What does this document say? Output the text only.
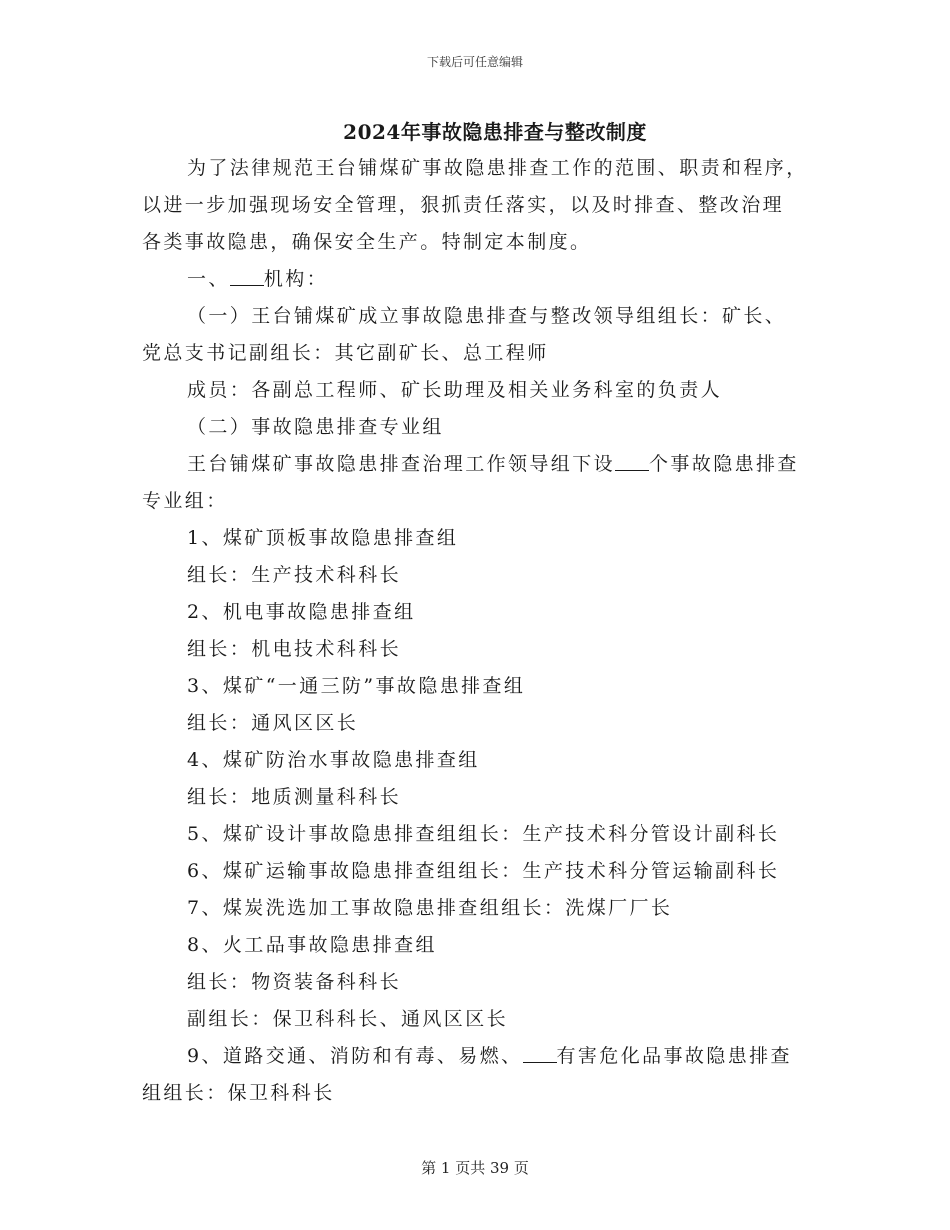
下载后可任意编辑
2024年事故隐患排查与整改制度

为了法律规范王台铺煤矿事故隐患排查工作的范围、职责和程序，

以进一步加强现场安全管理，狠抓责任落实，以及时排查、整改治理

各类事故隐患，确保安全生产。特制定本制度。

一、 机构：

（一）王台铺煤矿成立事故隐患排查与整改领导组组长：矿长、

党总支书记副组长：其它副矿长、总工程师

成员：各副总工程师、矿长助理及相关业务科室的负责人

（二）事故隐患排查专业组

王台铺煤矿事故隐患排查治理工作领导组下设 个事故隐患排查

专业组：

1、煤矿顶板事故隐患排查组

组长：生产技术科科长

2、机电事故隐患排查组

组长：机电技术科科长

3、煤矿“一通三防”事故隐患排查组

组长：通风区区长

4、煤矿防治水事故隐患排查组

组长：地质测量科科长

5、煤矿设计事故隐患排查组组长：生产技术科分管设计副科长

6、煤矿运输事故隐患排查组组长：生产技术科分管运输副科长

7、煤炭洗选加工事故隐患排查组组长：洗煤厂厂长

8、火工品事故隐患排查组

组长：物资装备科科长

副组长：保卫科科长、通风区区长

9、道路交通、消防和有毒、易燃、 有害危化品事故隐患排查

组组长：保卫科科长

第 1 页共 39 页
